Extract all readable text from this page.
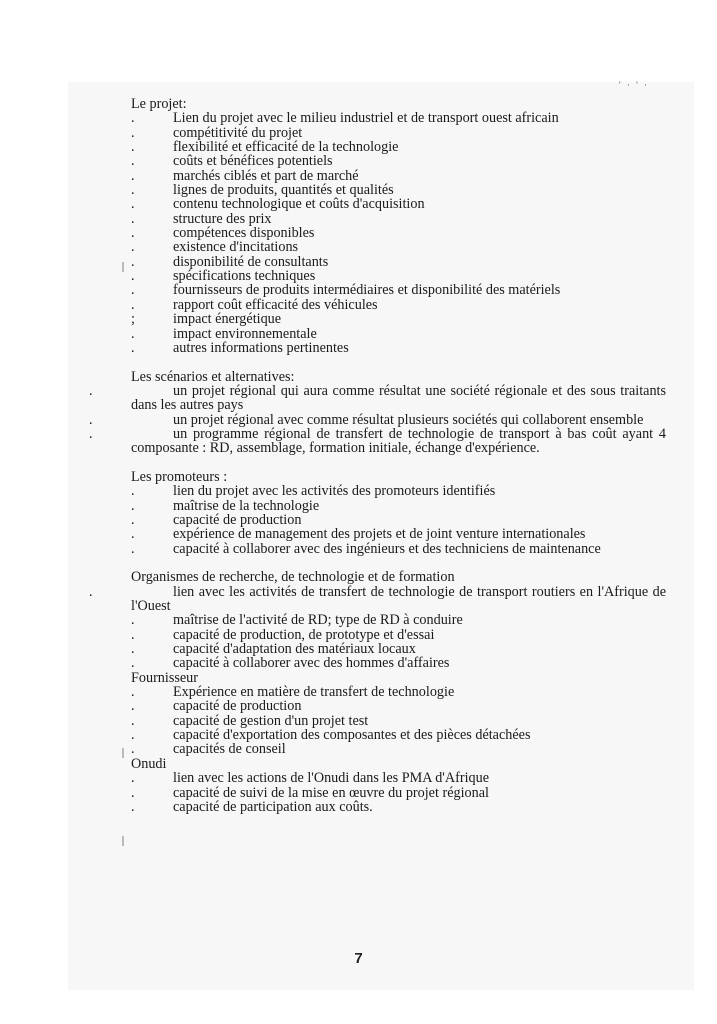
' · ' ·
Le projet:
.	Lien du projet avec le milieu industriel et de transport ouest africain
.	compétitivité du projet
.	flexibilité et efficacité de la technologie
.	coûts et bénéfices potentiels
.	marchés ciblés et part de marché
.	lignes de produits, quantités et qualités
.	contenu technologique et coûts d'acquisition
.	structure des prix
.	compétences disponibles
.	existence d'incitations
.	disponibilité de consultants
.	spécifications techniques
.	fournisseurs de produits intermédiaires et disponibilité des matériels
.	rapport coût efficacité des véhicules
;	impact énergétique
.	impact environnementale
.	autres informations pertinentes
Les scénarios et alternatives:
.	un projet régional qui aura comme résultat une société régionale et des sous traitants dans les autres pays
.	un projet régional avec comme résultat plusieurs sociétés qui collaborent ensemble
.	un programme régional de transfert de technologie de transport à bas coût ayant 4 composante : RD, assemblage, formation initiale, échange d'expérience.
Les promoteurs :
.	lien du projet avec les activités des promoteurs identifiés
.	maîtrise de la technologie
.	capacité de production
.	expérience de management des projets et de joint venture internationales
.	capacité à collaborer avec des ingénieurs et des techniciens de maintenance
Organismes de recherche, de technologie et de formation
.	lien avec les activités de transfert de technologie de transport routiers en l'Afrique de l'Ouest
.	maîtrise de l'activité de RD; type de RD à conduire
.	capacité de production, de prototype et d'essai
.	capacité d'adaptation des matériaux locaux
.	capacité à collaborer avec des hommes d'affaires
Fournisseur
.	Expérience en matière de transfert de technologie
.	capacité de production
.	capacité de gestion d'un projet test
.	capacité d'exportation des composantes et des pièces détachées
.	capacités de conseil
Onudi
.	lien avec les actions de l'Onudi dans les PMA d'Afrique
.	capacité de suivi de la mise en œuvre du projet régional
.	capacité de participation aux coûts.
7
